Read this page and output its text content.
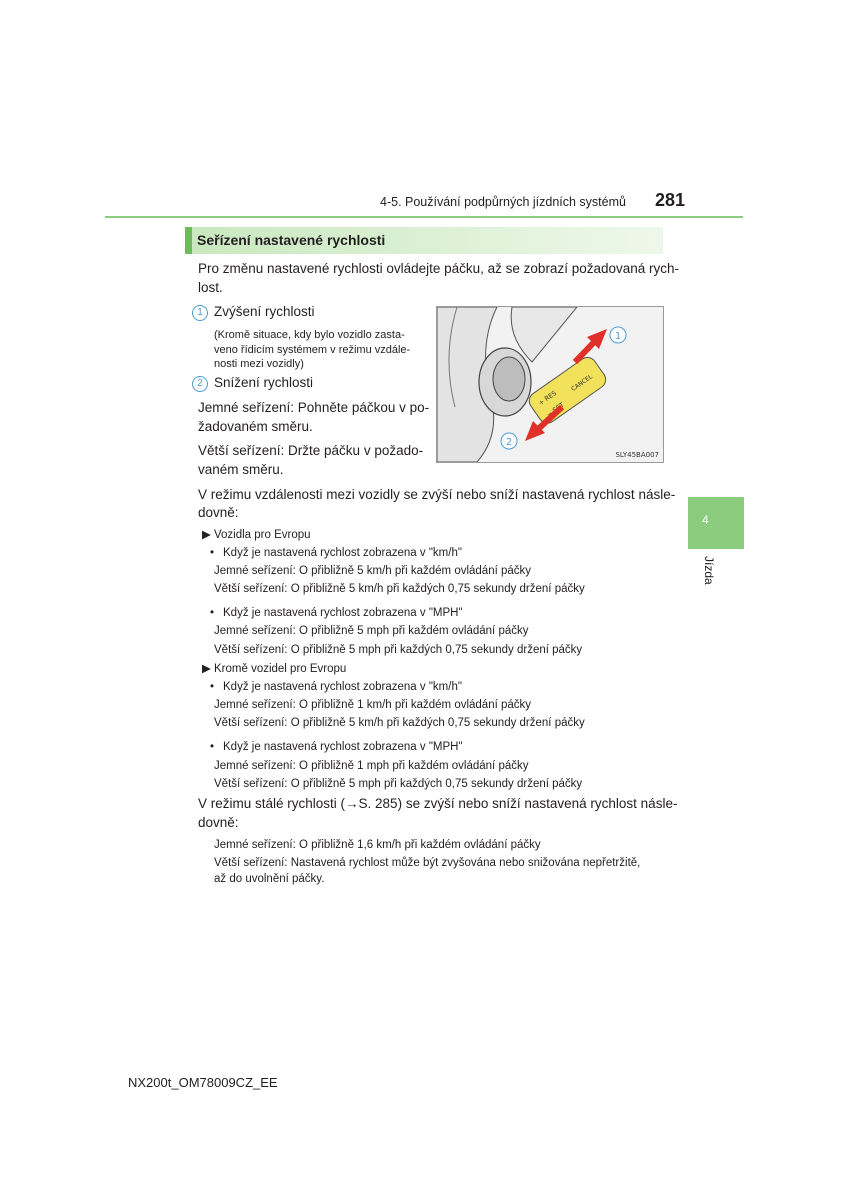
4-5. Používání podpůrných jízdních systémů 281
Seřízení nastavené rychlosti
Pro změnu nastavené rychlosti ovládejte páčku, až se zobrazí požadovaná rych-
lost.
1 Zvýšení rychlosti
(Kromě situace, kdy bylo vozidlo zasta-
veno řídicím systémem v režimu vzdále-
nosti mezi vozidly)
2 Snížení rychlosti
Jemné seřízení: Pohněte páčkou v po-
žadovaném směru.
Větší seřízení: Držte páčku v požado-
vaném směru.
+ RES
−
CANCEL
1
2
SLY45BA007
V režimu vzdálenosti mezi vozidly se zvýší nebo sníží nastavená rychlost násle-
dovně:
▶ Vozidla pro Evropu
• Když je nastavená rychlost zobrazena v "km/h"
Jemné seřízení: O přibližně 5 km/h při každém ovládání páčky
Větší seřízení: O přibližně 5 km/h při každých 0,75 sekundy držení páčky
• Když je nastavená rychlost zobrazena v "MPH"
Jemné seřízení: O přibližně 5 mph při každém ovládání páčky
Větší seřízení: O přibližně 5 mph při každých 0,75 sekundy držení páčky
▶ Kromě vozidel pro Evropu
• Když je nastavená rychlost zobrazena v "km/h"
Jemné seřízení: O přibližně 1 km/h při každém ovládání páčky
Větší seřízení: O přibližně 5 km/h při každých 0,75 sekundy držení páčky
• Když je nastavená rychlost zobrazena v "MPH"
Jemné seřízení: O přibližně 1 mph při každém ovládání páčky
Větší seřízení: O přibližně 5 mph při každých 0,75 sekundy držení páčky
V režimu stálé rychlosti (→S. 285) se zvýší nebo sníží nastavená rychlost násle-
dovně:
Jemné seřízení: O přibližně 1,6 km/h při každém ovládání páčky
Větší seřízení: Nastavená rychlost může být zvyšována nebo snižována nepřetržitě,
až do uvolnění páčky.
4
Jízda
NX200t_OM78009CZ_EE
